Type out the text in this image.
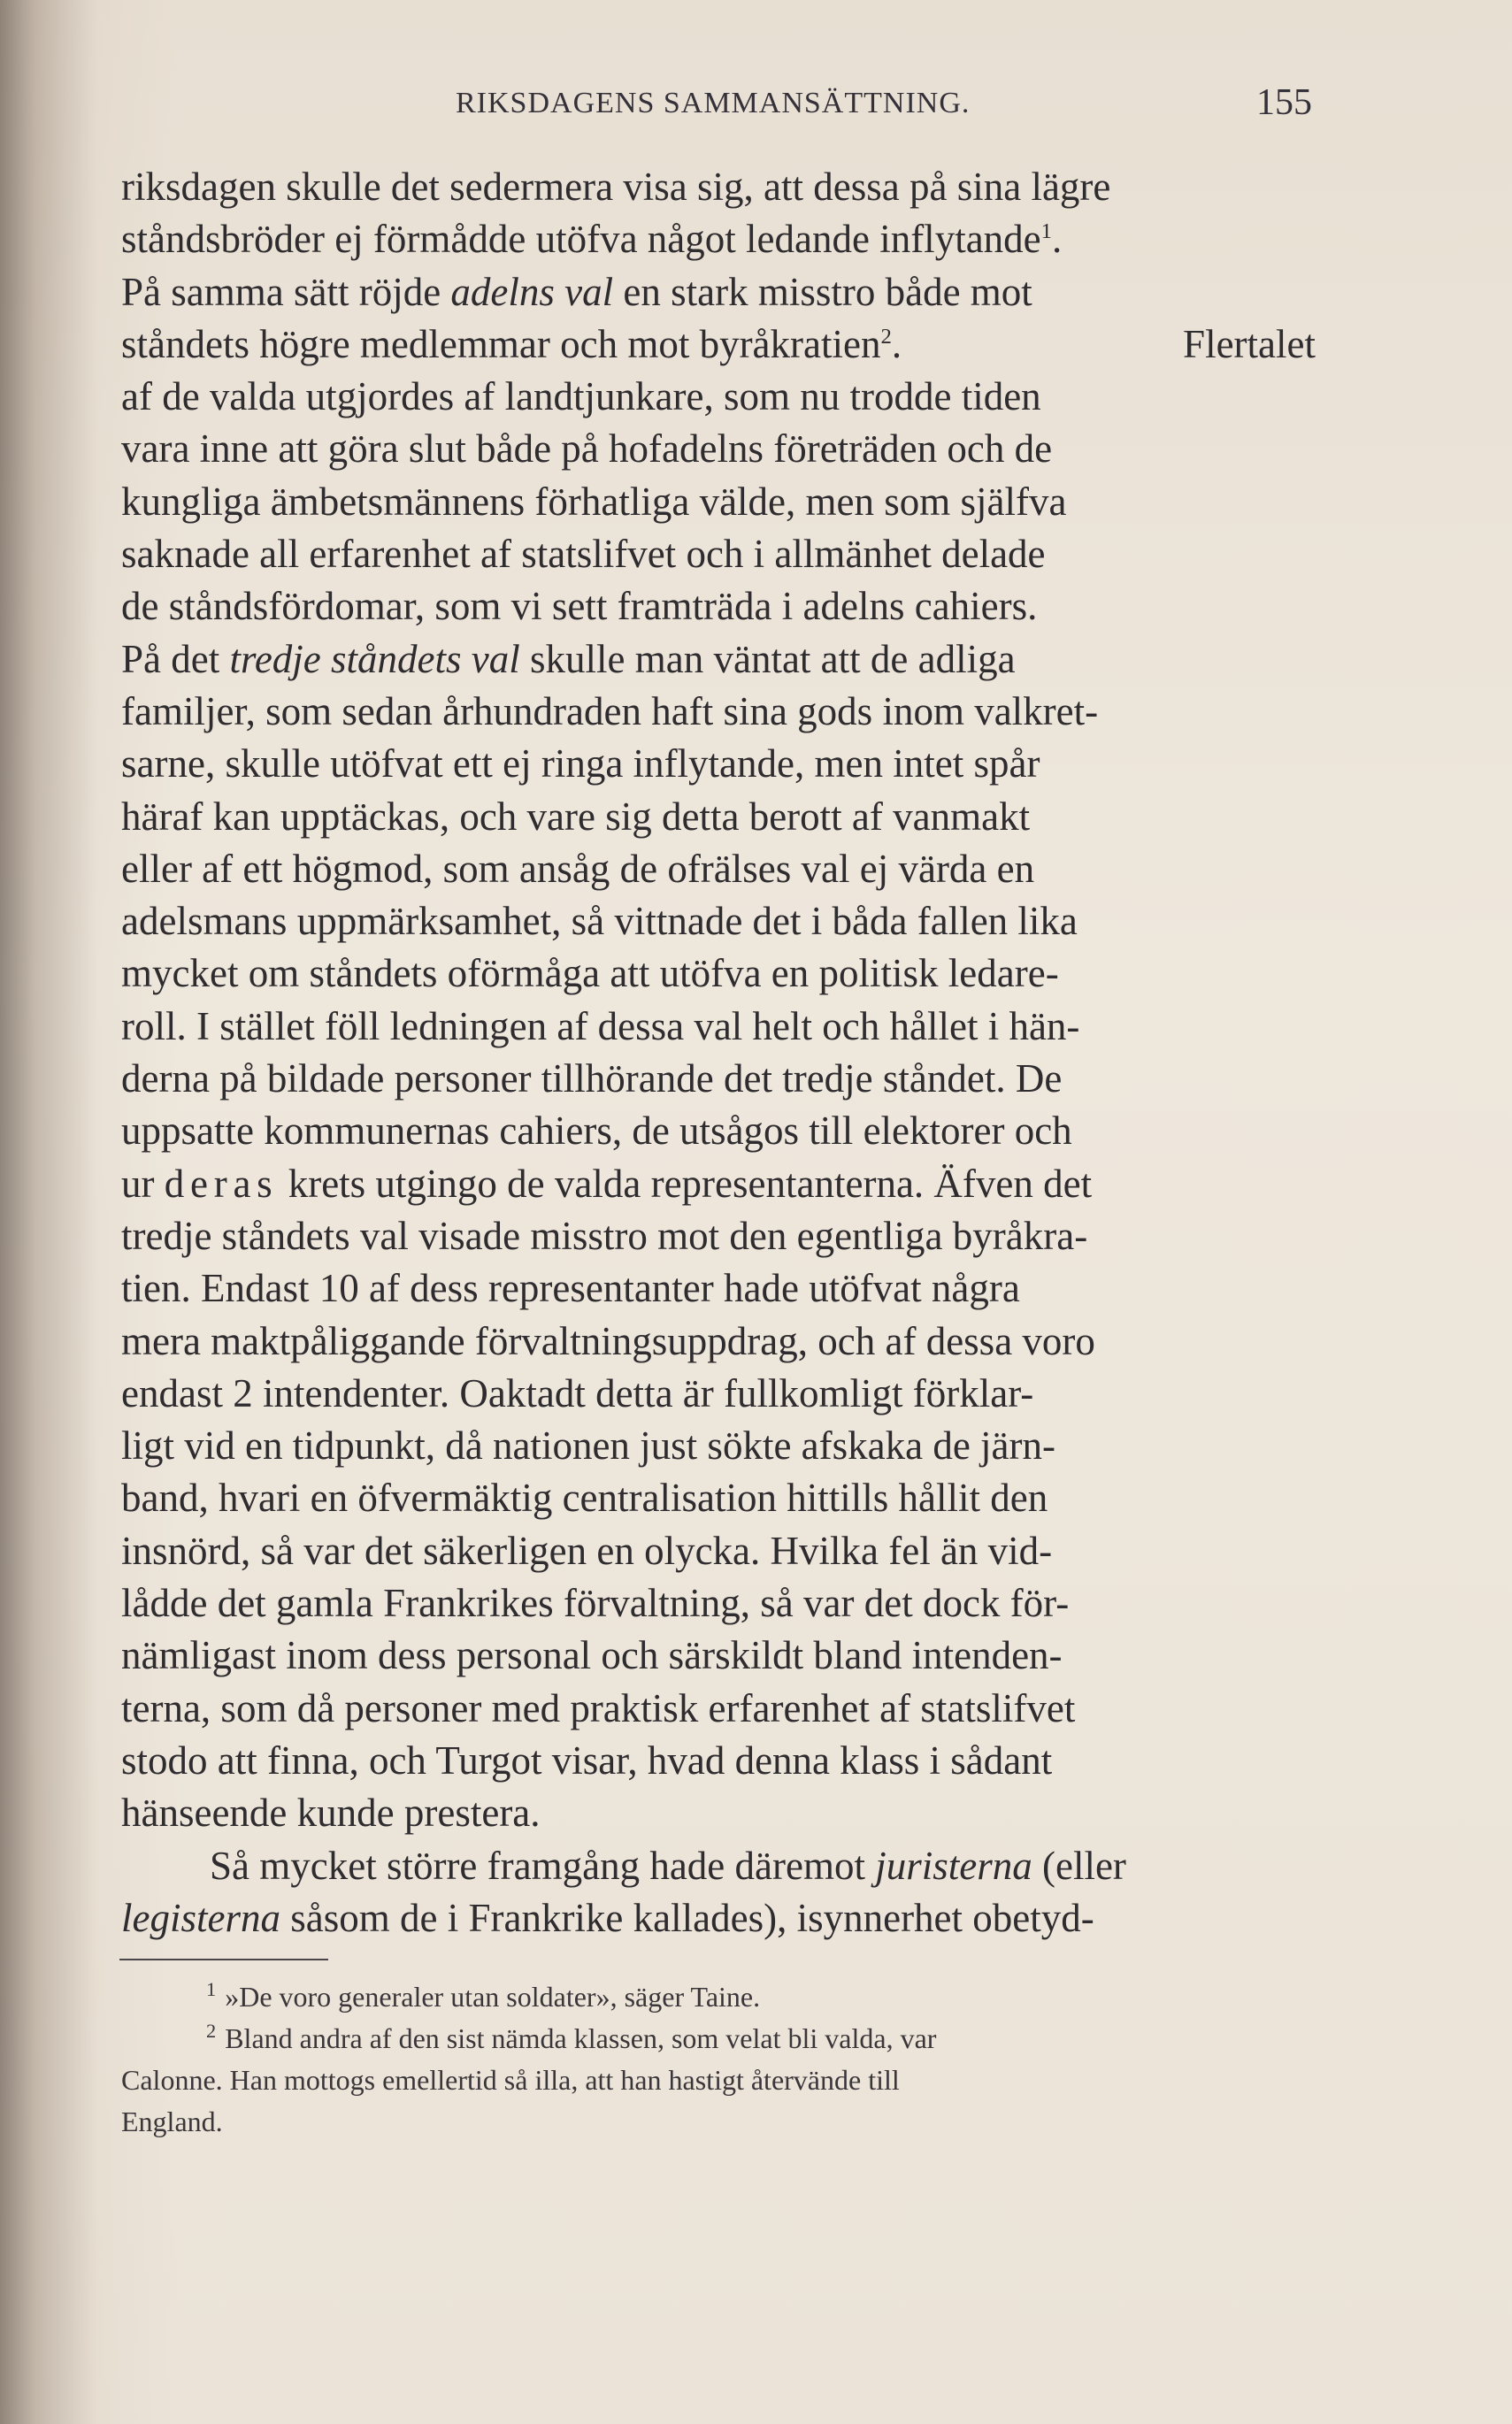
RIKSDAGENS SAMMANSÄTTNING.	155
riksdagen skulle det sedermera visa sig, att dessa på sina lägre
ståndsbröder ej förmådde utöfva något ledande inflytande$^1$.
På samma sätt röjde adelns val en stark misstro både mot
ståndets högre medlemmar och mot byråkratien$^2$.	Flertalet
af de valda utgjordes af landtjunkare, som nu trodde tiden
vara inne att göra slut både på hofadelns företräden och de
kungliga ämbetsmännens förhatliga välde, men som själfva
saknade all erfarenhet af statslifvet och i allmänhet delade
de ståndsfördomar, som vi sett framträda i adelns cahiers.
På det tredje ståndets val skulle man väntat att de adliga
familjer, som sedan århundraden haft sina gods inom valkret-
sarne, skulle utöfvat ett ej ringa inflytande, men intet spår
häraf kan upptäckas, och vare sig detta berott af vanmakt
eller af ett högmod, som ansåg de ofrälses val ej värda en
adelsmans uppmärksamhet, så vittnade det i båda fallen lika
mycket om ståndets oförmåga att utöfva en politisk ledare-
roll. I stället föll ledningen af dessa val helt och hållet i hän-
derna på bildade personer tillhörande det tredje ståndet. De
uppsatte kommunernas cahiers, de utsågos till elektorer och
ur deras krets utgingo de valda representanterna. Äfven det
tredje ståndets val visade misstro mot den egentliga byråkra-
tien. Endast 10 af dess representanter hade utöfvat några
mera maktpåliggande förvaltningsuppdrag, och af dessa voro
endast 2 intendenter. Oaktadt detta är fullkomligt förklar-
ligt vid en tidpunkt, då nationen just sökte afskaka de järn-
band, hvari en öfvermäktig centralisation hittills hållit den
insnörd, så var det säkerligen en olycka. Hvilka fel än vid-
lådde det gamla Frankrikes förvaltning, så var det dock för-
nämligast inom dess personal och särskildt bland intenden-
terna, som då personer med praktisk erfarenhet af statslifvet
stodo att finna, och Turgot visar, hvad denna klass i sådant
hänseende kunde prestera.
Så mycket större framgång hade däremot juristerna (eller
legisterna såsom de i Frankrike kallades), isynnerhet obetyd-
$^1$ »De voro generaler utan soldater», säger Taine.
$^2$ Bland andra af den sist nämda klassen, som velat bli valda, var
Calonne. Han mottogs emellertid så illa, att han hastigt återvände till
England.
